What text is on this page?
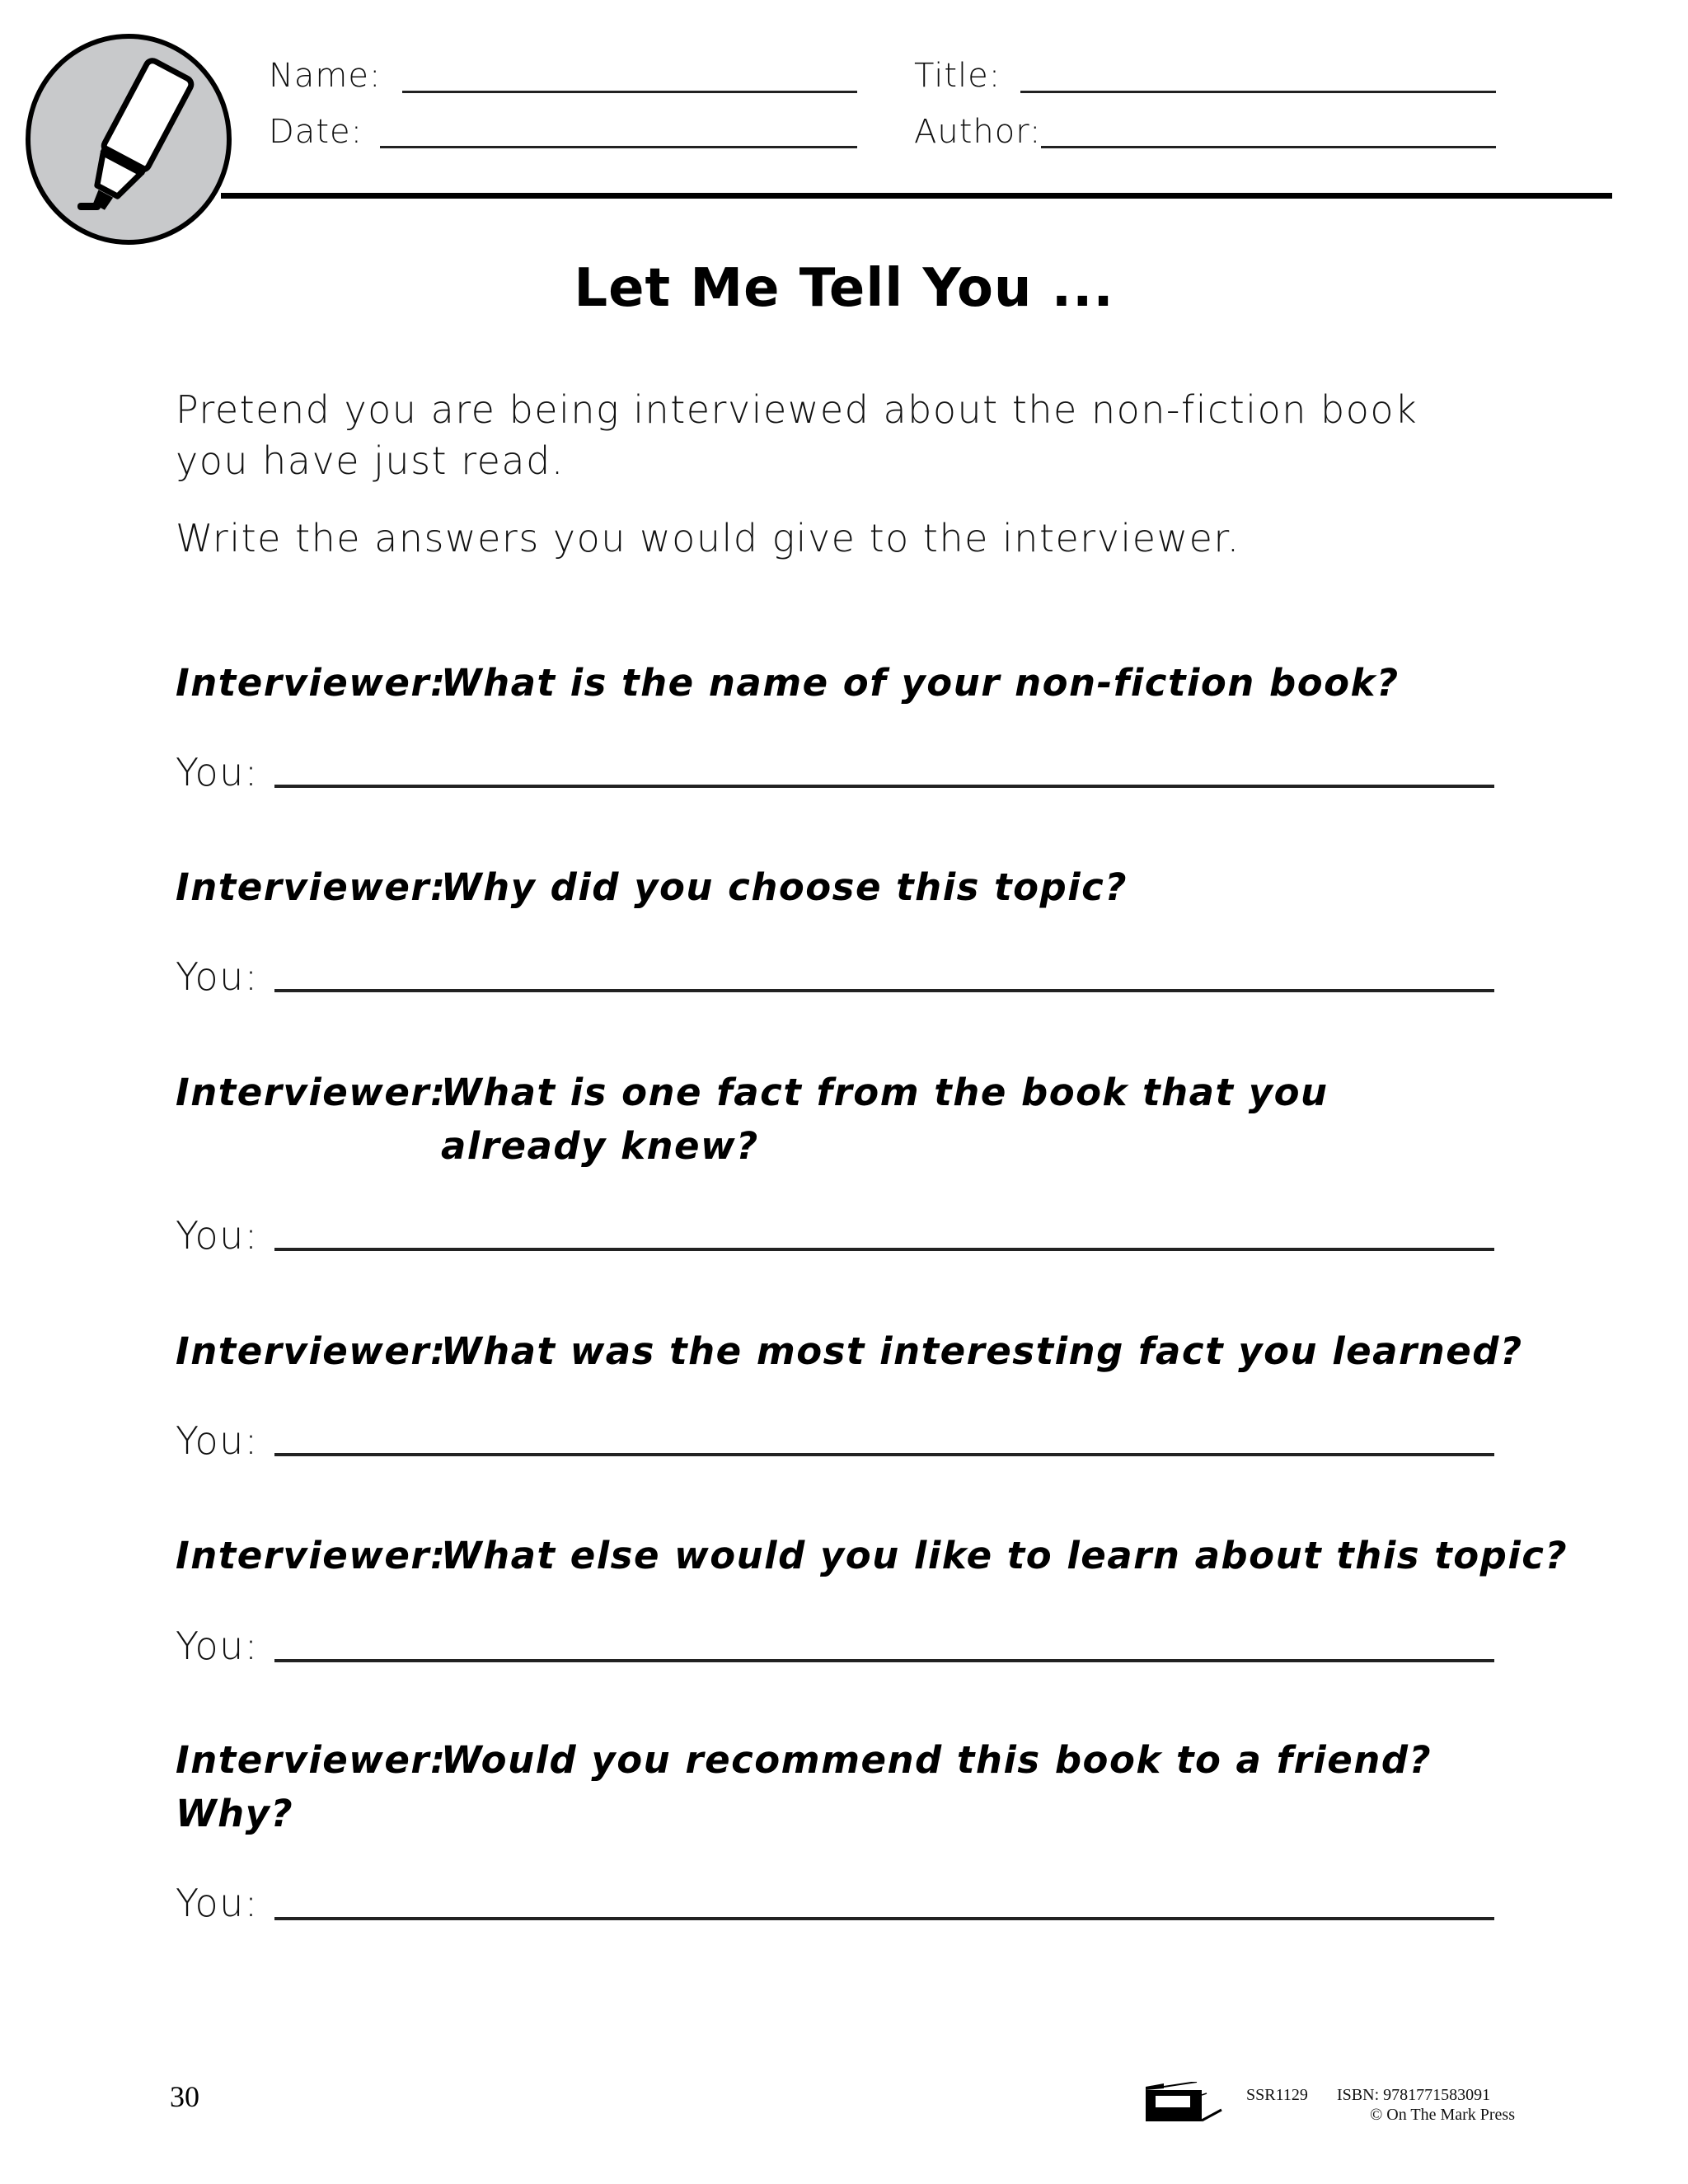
Name:
Date:
Title:
Author:
Let Me Tell You ...
Pretend you are being interviewed about the non-fiction book
you have just read.
Write the answers you would give to the interviewer.
Interviewer:What is the name of your non-fiction book?
You:
Interviewer:Why did you choose this topic?
You:
Interviewer:What is one fact from the book that you
already knew?
You:
Interviewer:What was the most interesting fact you learned?
You:
Interviewer:What else would you like to learn about this topic?
You:
Interviewer:Would you recommend this book to a friend?
Why?
You:
30	SSR1129 ISBN: 9781771583091
© On The Mark Press
